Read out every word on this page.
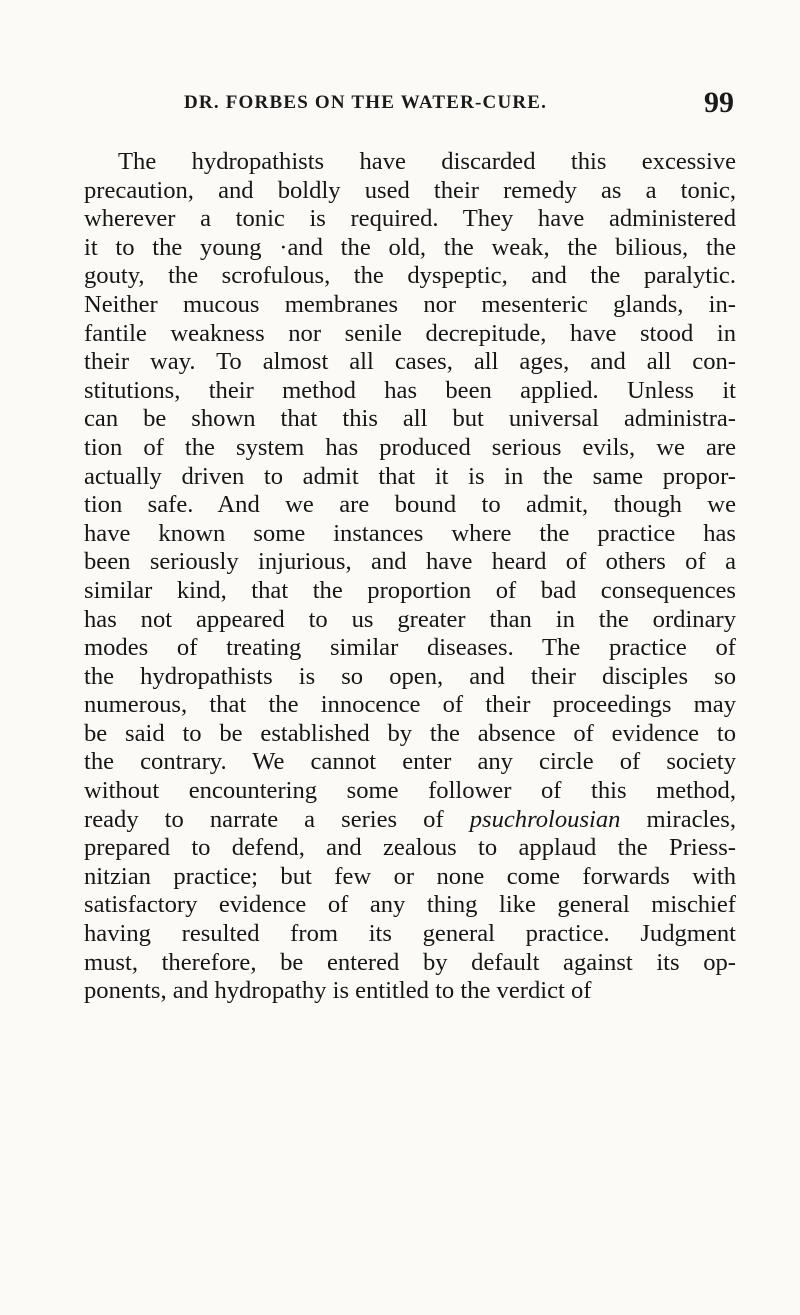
DR. FORBES ON THE WATER-CURE.	99
The hydropathists have discarded this excessive
precaution, and boldly used their remedy as a tonic,
wherever a tonic is required. They have administered
it to the young ·and the old, the weak, the bilious, the
gouty, the scrofulous, the dyspeptic, and the paralytic.
Neither mucous membranes nor mesenteric glands, in-
fantile weakness nor senile decrepitude, have stood in
their way. To almost all cases, all ages, and all con-
stitutions, their method has been applied. Unless it
can be shown that this all but universal administra-
tion of the system has produced serious evils, we are
actually driven to admit that it is in the same propor-
tion safe. And we are bound to admit, though we
have known some instances where the practice has
been seriously injurious, and have heard of others of a
similar kind, that the proportion of bad consequences
has not appeared to us greater than in the ordinary
modes of treating similar diseases. The practice of
the hydropathists is so open, and their disciples so
numerous, that the innocence of their proceedings may
be said to be established by the absence of evidence to
the contrary. We cannot enter any circle of society
without encountering some follower of this method,
ready to narrate a series of psuchrolousian miracles,
prepared to defend, and zealous to applaud the Priess-
nitzian practice; but few or none come forwards with
satisfactory evidence of any thing like general mischief
having resulted from its general practice. Judgment
must, therefore, be entered by default against its op-
ponents, and hydropathy is entitled to the verdict of
